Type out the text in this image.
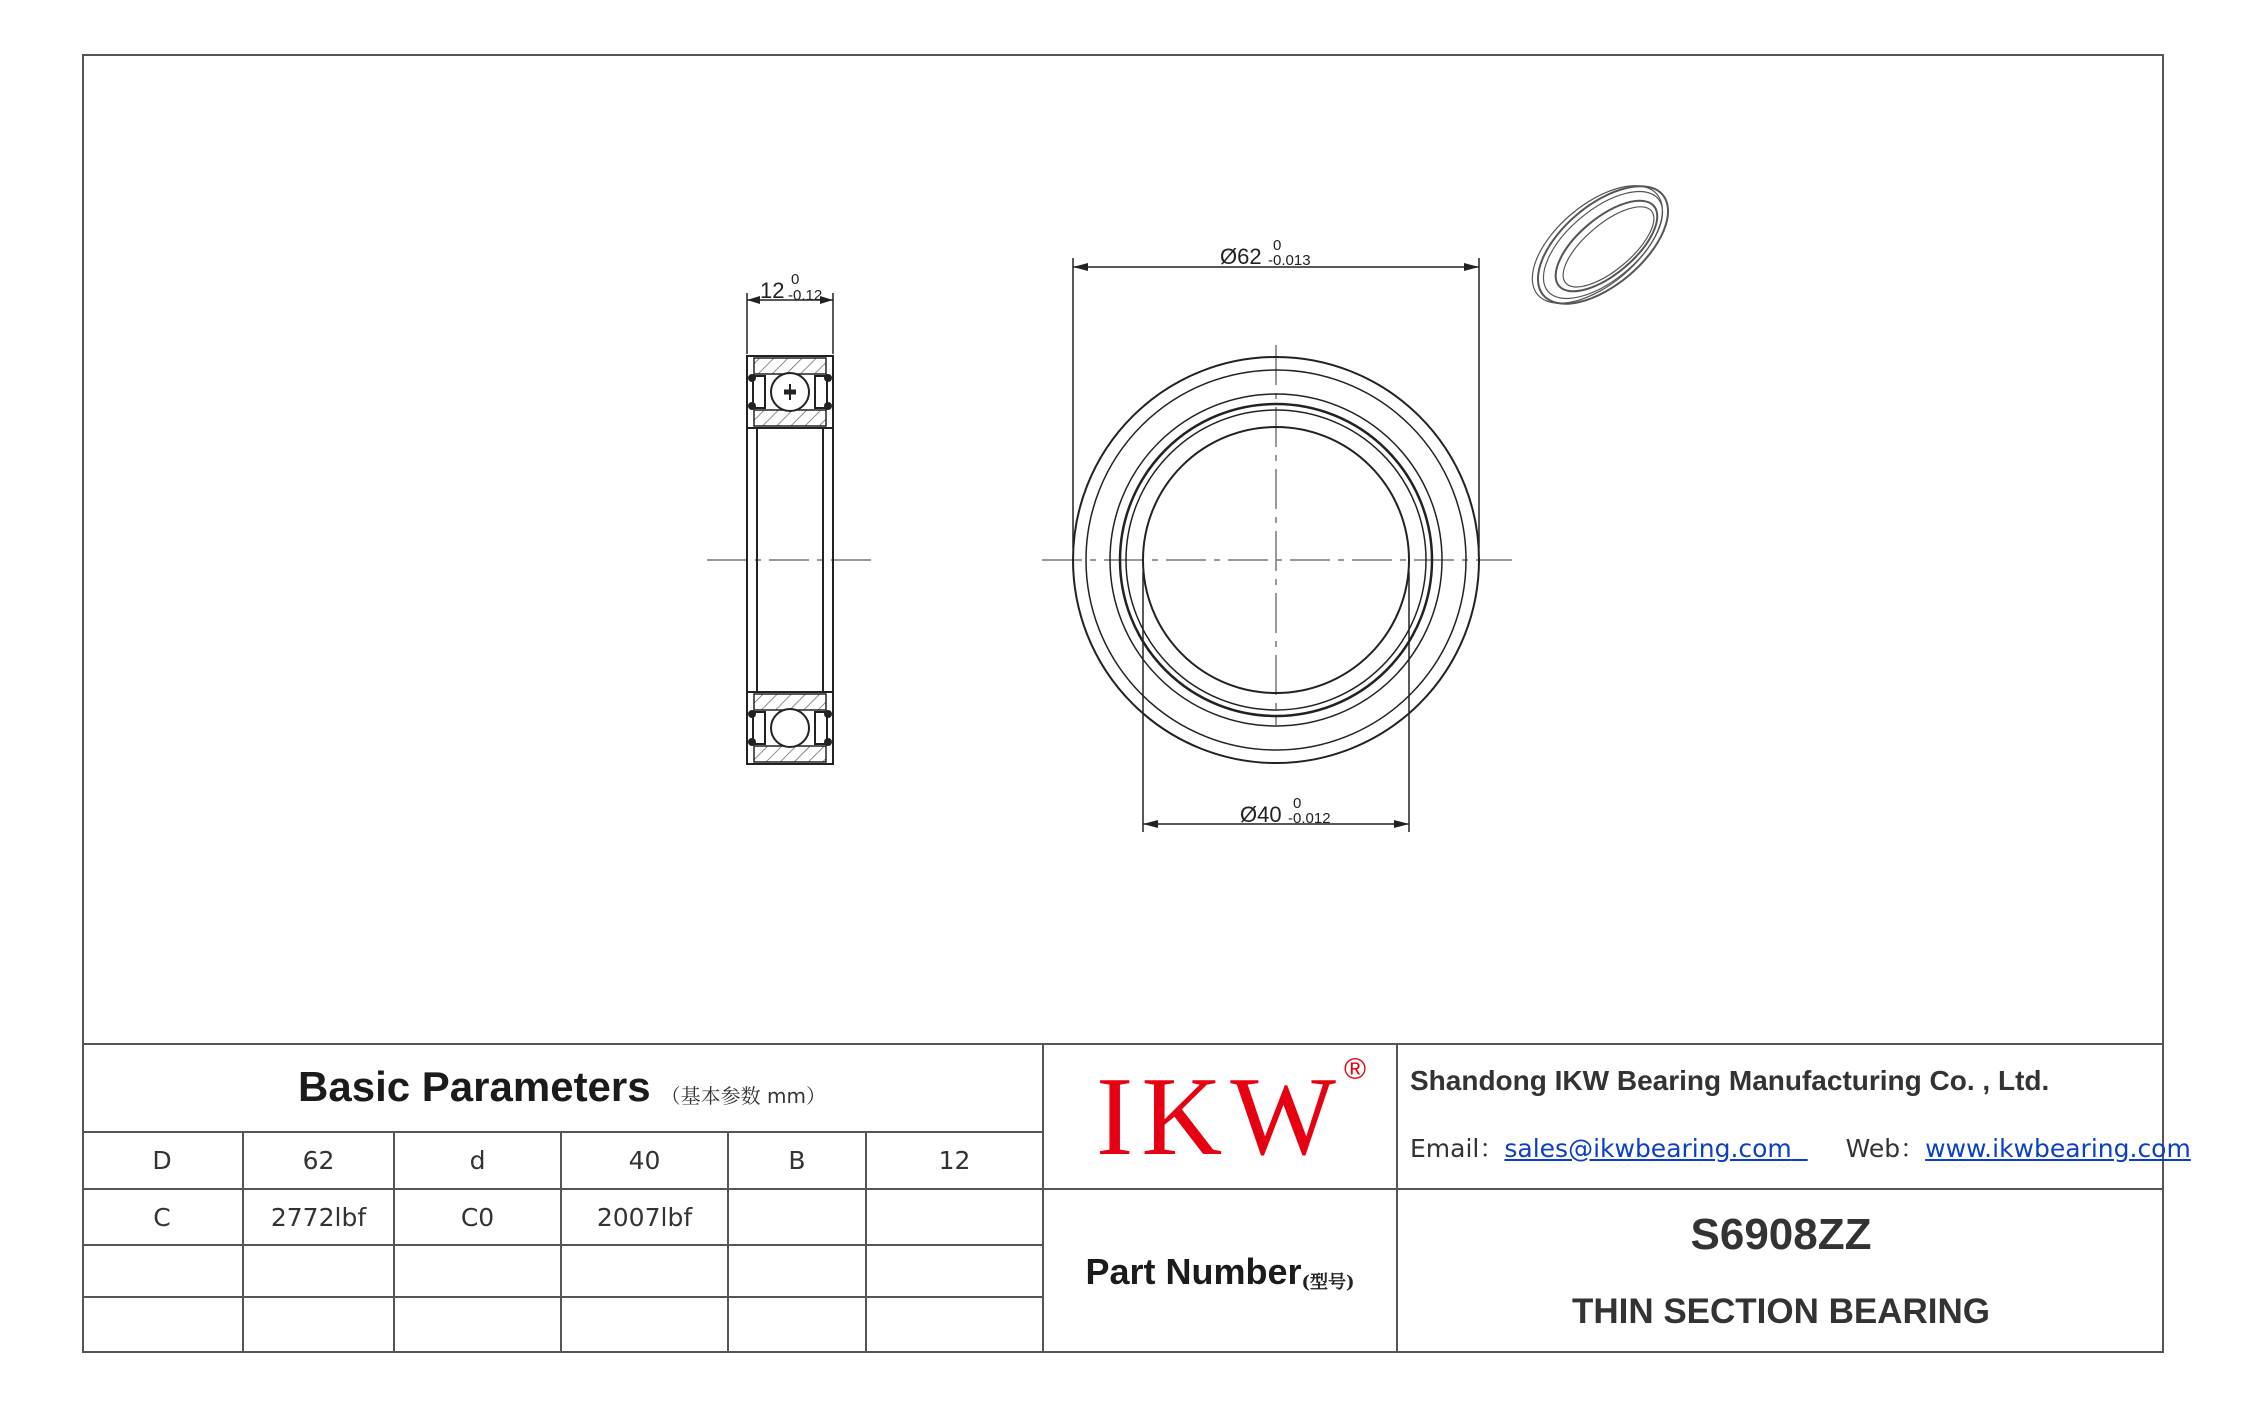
12 0
-0.12
Ø62 0
-0.013
Ø40 0
-0.012
Basic Parameters （基本参数 mm）
D	62	d	40	B	12
C	2772lbf	C0	2007lbf
IKW ® Shandong IKW Bearing Manufacturing Co. , Ltd.
Email：sales@ikwbearing.com Web：www.ikwbearing.com
Part Number (型号)
S6908ZZ
THIN SECTION BEARING
